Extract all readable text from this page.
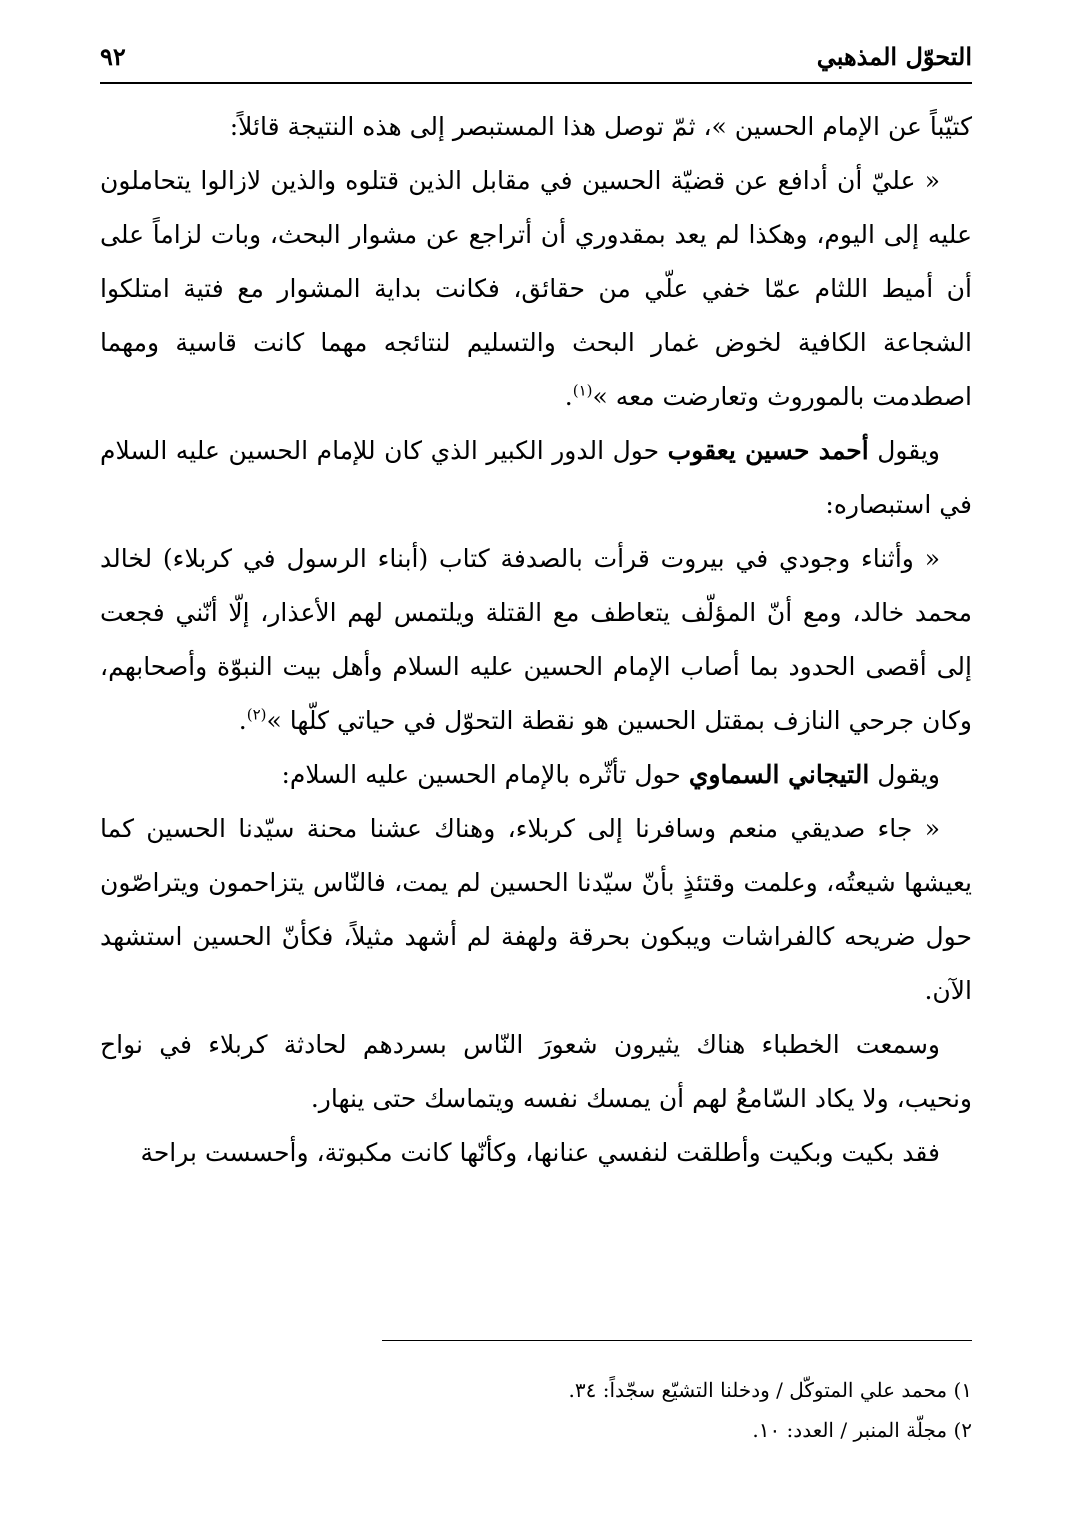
التحوّل المذهبي
٩٢

كتيّباً عن الإمام الحسين »، ثمّ توصل هذا المستبصر إلى هذه النتيجة قائلاً:

« عليّ أن أدافع عن قضيّة الحسين في مقابل الذين قتلوه والذين لازالوا يتحاملون عليه إلى اليوم، وهكذا لم يعد بمقدوري أن أتراجع عن مشوار البحث، وبات لزاماً على أن أميط اللثام عمّا خفي علّي من حقائق، فكانت بداية المشوار مع فتية امتلكوا الشجاعة الكافية لخوض غمار البحث والتسليم لنتائجه مهما كانت قاسية ومهما اصطدمت بالموروث وتعارضت معه »$^{(١)}$.

ويقول أحمد حسين يعقوب حول الدور الكبير الذي كان للإمام الحسين عليه السلام في استبصاره:

« وأثناء وجودي في بيروت قرأت بالصدفة كتاب (أبناء الرسول في كربلاء) لخالد محمد خالد، ومع أنّ المؤلّف يتعاطف مع القتلة ويلتمس لهم الأعذار، إلّا أنّني فجعت إلى أقصى الحدود بما أصاب الإمام الحسين عليه السلام وأهل بيت النبوّة وأصحابهم، وكان جرحي النازف بمقتل الحسين هو نقطة التحوّل في حياتي كلّها »$^{(٢)}$.

ويقول التيجاني السماوي حول تأثّره بالإمام الحسين عليه السلام:

« جاء صديقي منعم وسافرنا إلى كربلاء، وهناك عشنا محنة سيّدنا الحسين كما يعيشها شيعتُه، وعلمت وقتئذٍ بأنّ سيّدنا الحسين لم يمت، فالنّاس يتزاحمون ويتراصّون حول ضريحه كالفراشات ويبكون بحرقة ولهفة لم أشهد مثيلاً، فكأنّ الحسين استشهد الآن.

وسمعت الخطباء هناك يثيرون شعورَ النّاس بسردهم لحادثة كربلاء في نواح ونحيب، ولا يكاد السّامعُ لهم أن يمسك نفسه ويتماسك حتى ينهار.

فقد بكيت وبكيت وأطلقت لنفسي عنانها، وكأنّها كانت مكبوتة، وأحسست براحة

١) محمد علي المتوكّل / ودخلنا التشيّع سجّداً: ٣٤.

٢) مجلّة المنبر / العدد: ١٠.
